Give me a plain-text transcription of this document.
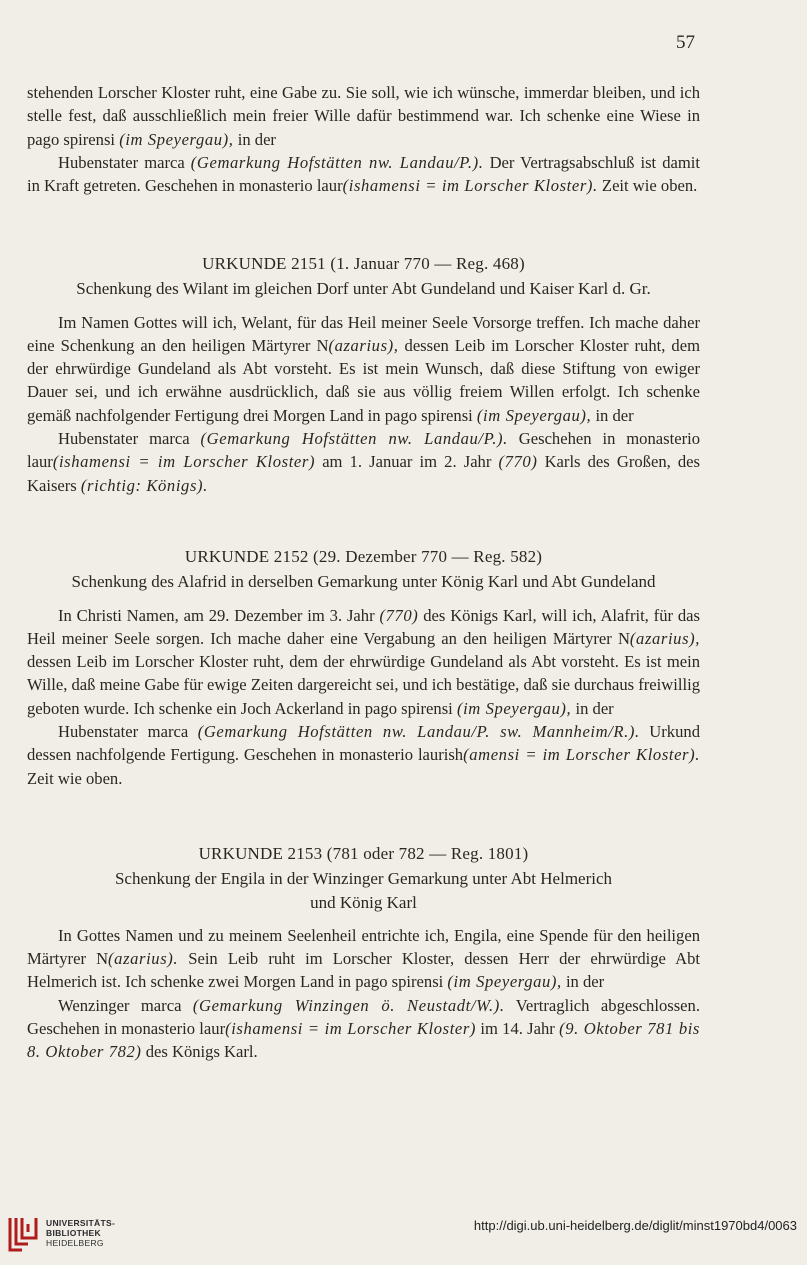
57

stehenden Lorscher Kloster ruht, eine Gabe zu. Sie soll, wie ich wünsche, immerdar bleiben, und ich stelle fest, daß ausschließlich mein freier Wille dafür bestimmend war. Ich schenke eine Wiese in pago spirensi (im Speyergau), in der

Hubenstater marca (Gemarkung Hofstätten nw. Landau/P.). Der Vertragsabschluß ist damit in Kraft getreten. Geschehen in monasterio laur(ishamensi = im Lorscher Kloster). Zeit wie oben.

URKUNDE 2151 (1. Januar 770 — Reg. 468)

Schenkung des Wilant im gleichen Dorf unter Abt Gundeland und Kaiser Karl d. Gr.

Im Namen Gottes will ich, Welant, für das Heil meiner Seele Vorsorge treffen. Ich mache daher eine Schenkung an den heiligen Märtyrer N(azarius), dessen Leib im Lorscher Kloster ruht, dem der ehrwürdige Gundeland als Abt vorsteht. Es ist mein Wunsch, daß diese Stiftung von ewiger Dauer sei, und ich erwähne ausdrücklich, daß sie aus völlig freiem Willen erfolgt. Ich schenke gemäß nachfolgender Fertigung drei Morgen Land in pago spirensi (im Speyergau), in der

Hubenstater marca (Gemarkung Hofstätten nw. Landau/P.). Geschehen in monasterio laur(ishamensi = im Lorscher Kloster) am 1. Januar im 2. Jahr (770) Karls des Großen, des Kaisers (richtig: Königs).

URKUNDE 2152 (29. Dezember 770 — Reg. 582)

Schenkung des Alafrid in derselben Gemarkung unter König Karl und Abt Gundeland

In Christi Namen, am 29. Dezember im 3. Jahr (770) des Königs Karl, will ich, Alafrit, für das Heil meiner Seele sorgen. Ich mache daher eine Vergabung an den heiligen Märtyrer N(azarius), dessen Leib im Lorscher Kloster ruht, dem der ehrwürdige Gundeland als Abt vorsteht. Es ist mein Wille, daß meine Gabe für ewige Zeiten dargereicht sei, und ich bestätige, daß sie durchaus freiwillig geboten wurde. Ich schenke ein Joch Ackerland in pago spirensi (im Speyergau), in der

Hubenstater marca (Gemarkung Hofstätten nw. Landau/P. sw. Mannheim/R.). Urkund dessen nachfolgende Fertigung. Geschehen in monasterio laurish(amensi = im Lorscher Kloster). Zeit wie oben.

URKUNDE 2153 (781 oder 782 — Reg. 1801)

Schenkung der Engila in der Winzinger Gemarkung unter Abt Helmerich

und König Karl

In Gottes Namen und zu meinem Seelenheil entrichte ich, Engila, eine Spende für den heiligen Märtyrer N(azarius). Sein Leib ruht im Lorscher Kloster, dessen Herr der ehrwürdige Abt Helmerich ist. Ich schenke zwei Morgen Land in pago spirensi (im Speyergau), in der

Wenzinger marca (Gemarkung Winzingen ö. Neustadt/W.). Vertraglich abgeschlossen. Geschehen in monasterio laur(ishamensi = im Lorscher Kloster) im 14. Jahr (9. Oktober 781 bis 8. Oktober 782) des Königs Karl.

UNIVERSITÄTS-
BIBLIOTHEK
HEIDELBERG
http://digi.ub.uni-heidelberg.de/diglit/minst1970bd4/0063
